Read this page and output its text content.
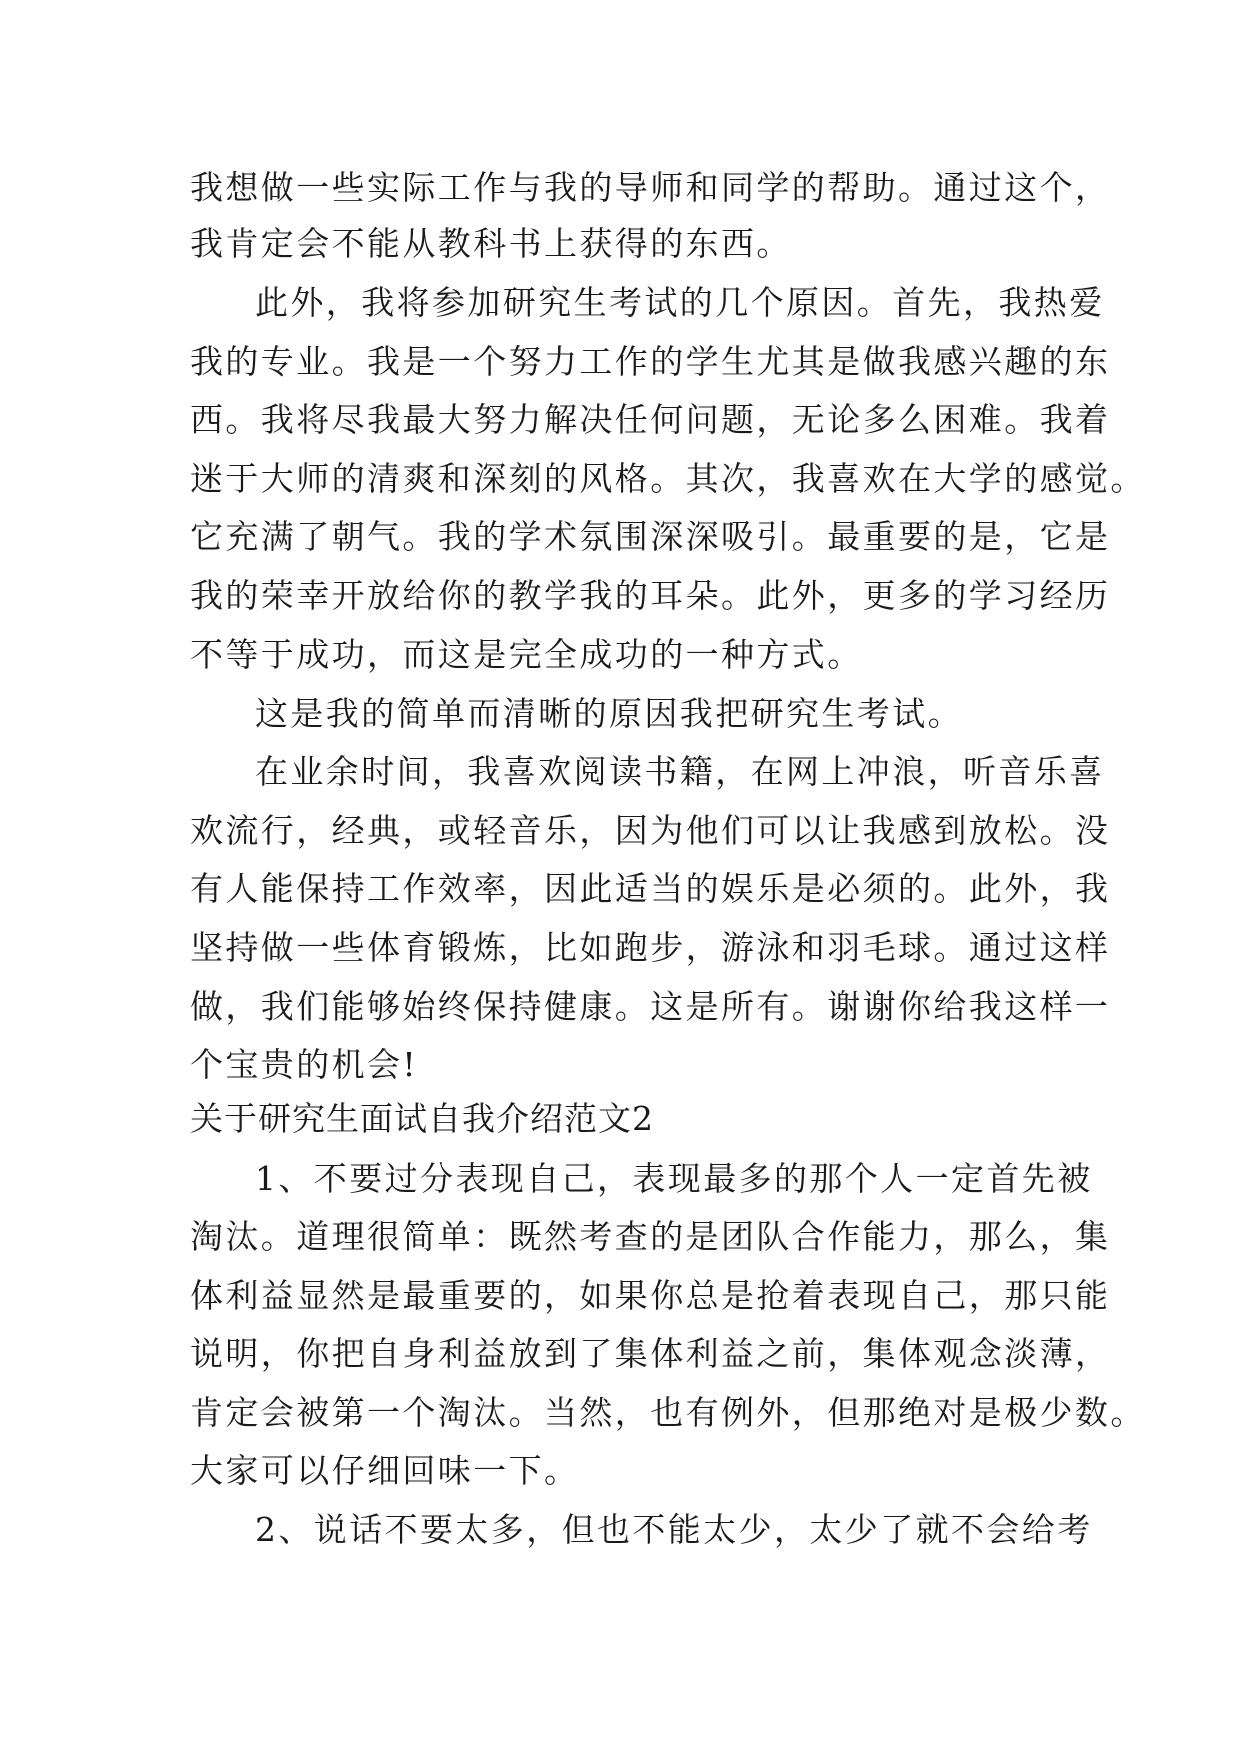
我想做一些实际工作与我的导师和同学的帮助。通过这个，
我肯定会不能从教科书上获得的东西。
此外，我将参加研究生考试的几个原因。首先，我热爱
我的专业。我是一个努力工作的学生尤其是做我感兴趣的东
西。我将尽我最大努力解决任何问题，无论多么困难。我着
迷于大师的清爽和深刻的风格。其次，我喜欢在大学的感觉。
它充满了朝气。我的学术氛围深深吸引。最重要的是，它是
我的荣幸开放给你的教学我的耳朵。此外，更多的学习经历
不等于成功，而这是完全成功的一种方式。
这是我的简单而清晰的原因我把研究生考试。
在业余时间，我喜欢阅读书籍，在网上冲浪，听音乐喜
欢流行，经典，或轻音乐，因为他们可以让我感到放松。没
有人能保持工作效率，因此适当的娱乐是必须的。此外，我
坚持做一些体育锻炼，比如跑步，游泳和羽毛球。通过这样
做，我们能够始终保持健康。这是所有。谢谢你给我这样一
个宝贵的机会!
关于研究生面试自我介绍范文2
1、不要过分表现自己，表现最多的那个人一定首先被
淘汰。道理很简单：既然考查的是团队合作能力，那么，集
体利益显然是最重要的，如果你总是抢着表现自己，那只能
说明，你把自身利益放到了集体利益之前，集体观念淡薄，
肯定会被第一个淘汰。当然，也有例外，但那绝对是极少数。
大家可以仔细回味一下。
2、说话不要太多，但也不能太少，太少了就不会给考
